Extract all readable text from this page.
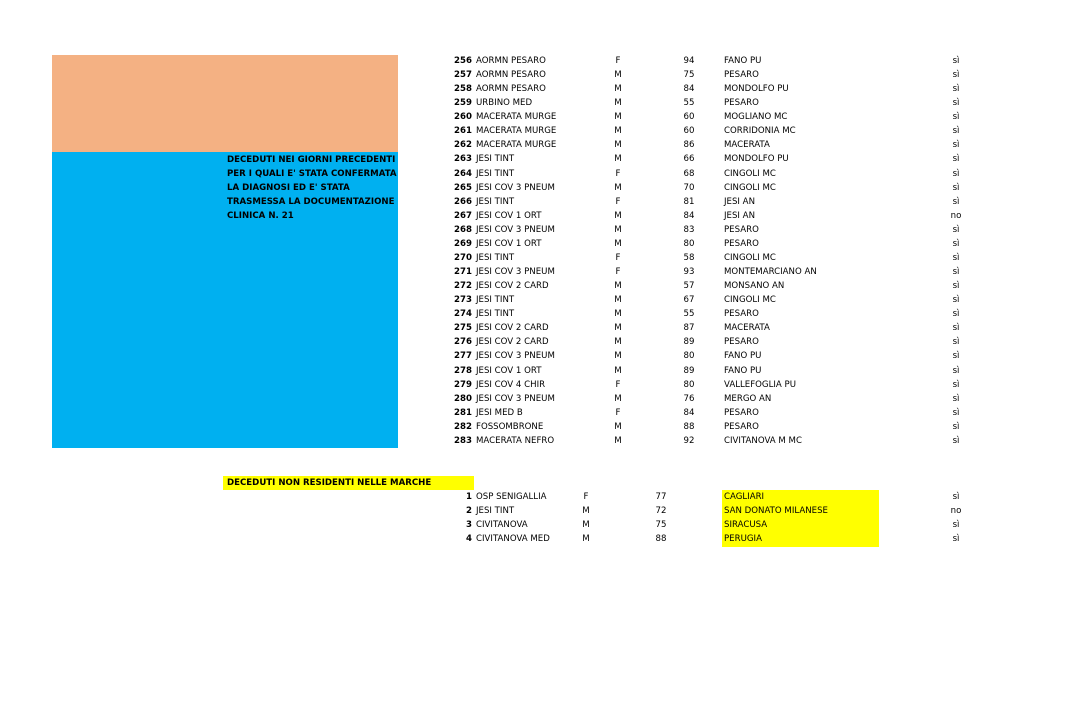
DECEDUTI NEI GIORNI PRECEDENTI
PER I QUALI E' STATA CONFERMATA
LA DIAGNOSI ED E' STATA
TRASMESSA LA DOCUMENTAZIONE
CLINICA N. 21
256 AORMN PESARO	F	94	FANO PU	sì
257 AORMN PESARO	M	75	PESARO	sì
258 AORMN PESARO	M	84	MONDOLFO PU	sì
259 URBINO MED	M	55	PESARO	sì
260 MACERATA MURGE	M	60	MOGLIANO MC	sì
261 MACERATA MURGE	M	60	CORRIDONIA MC	sì
262 MACERATA MURGE	M	86	MACERATA	sì
263 JESI TINT	M	66	MONDOLFO PU	sì
264 JESI TINT	F	68	CINGOLI MC	sì
265 JESI COV 3 PNEUM	M	70	CINGOLI MC	sì
266 JESI TINT	F	81	JESI AN	sì
267 JESI COV 1 ORT	M	84	JESI AN	no
268 JESI COV 3 PNEUM	M	83	PESARO	sì
269 JESI COV 1 ORT	M	80	PESARO	sì
270 JESI TINT	F	58	CINGOLI MC	sì
271 JESI COV 3 PNEUM	F	93	MONTEMARCIANO AN	sì
272 JESI COV 2 CARD	M	57	MONSANO AN	sì
273 JESI TINT	M	67	CINGOLI MC	sì
274 JESI TINT	M	55	PESARO	sì
275 JESI COV 2 CARD	M	87	MACERATA	sì
276 JESI COV 2 CARD	M	89	PESARO	sì
277 JESI COV 3 PNEUM	M	80	FANO PU	sì
278 JESI COV 1 ORT	M	89	FANO PU	sì
279 JESI COV 4 CHIR	F	80	VALLEFOGLIA PU	sì
280 JESI COV 3 PNEUM	M	76	MERGO AN	sì
281 JESI MED B	F	84	PESARO	sì
282 FOSSOMBRONE	M	88	PESARO	sì
283 MACERATA NEFRO	M	92	CIVITANOVA M MC	sì
DECEDUTI NON RESIDENTI NELLE MARCHE
1 OSP SENIGALLIA	F	77	CAGLIARI	sì
2 JESI TINT	M	72	SAN DONATO MILANESE	no
3 CIVITANOVA	M	75	SIRACUSA	sì
4 CIVITANOVA MED	M	88	PERUGIA	sì
